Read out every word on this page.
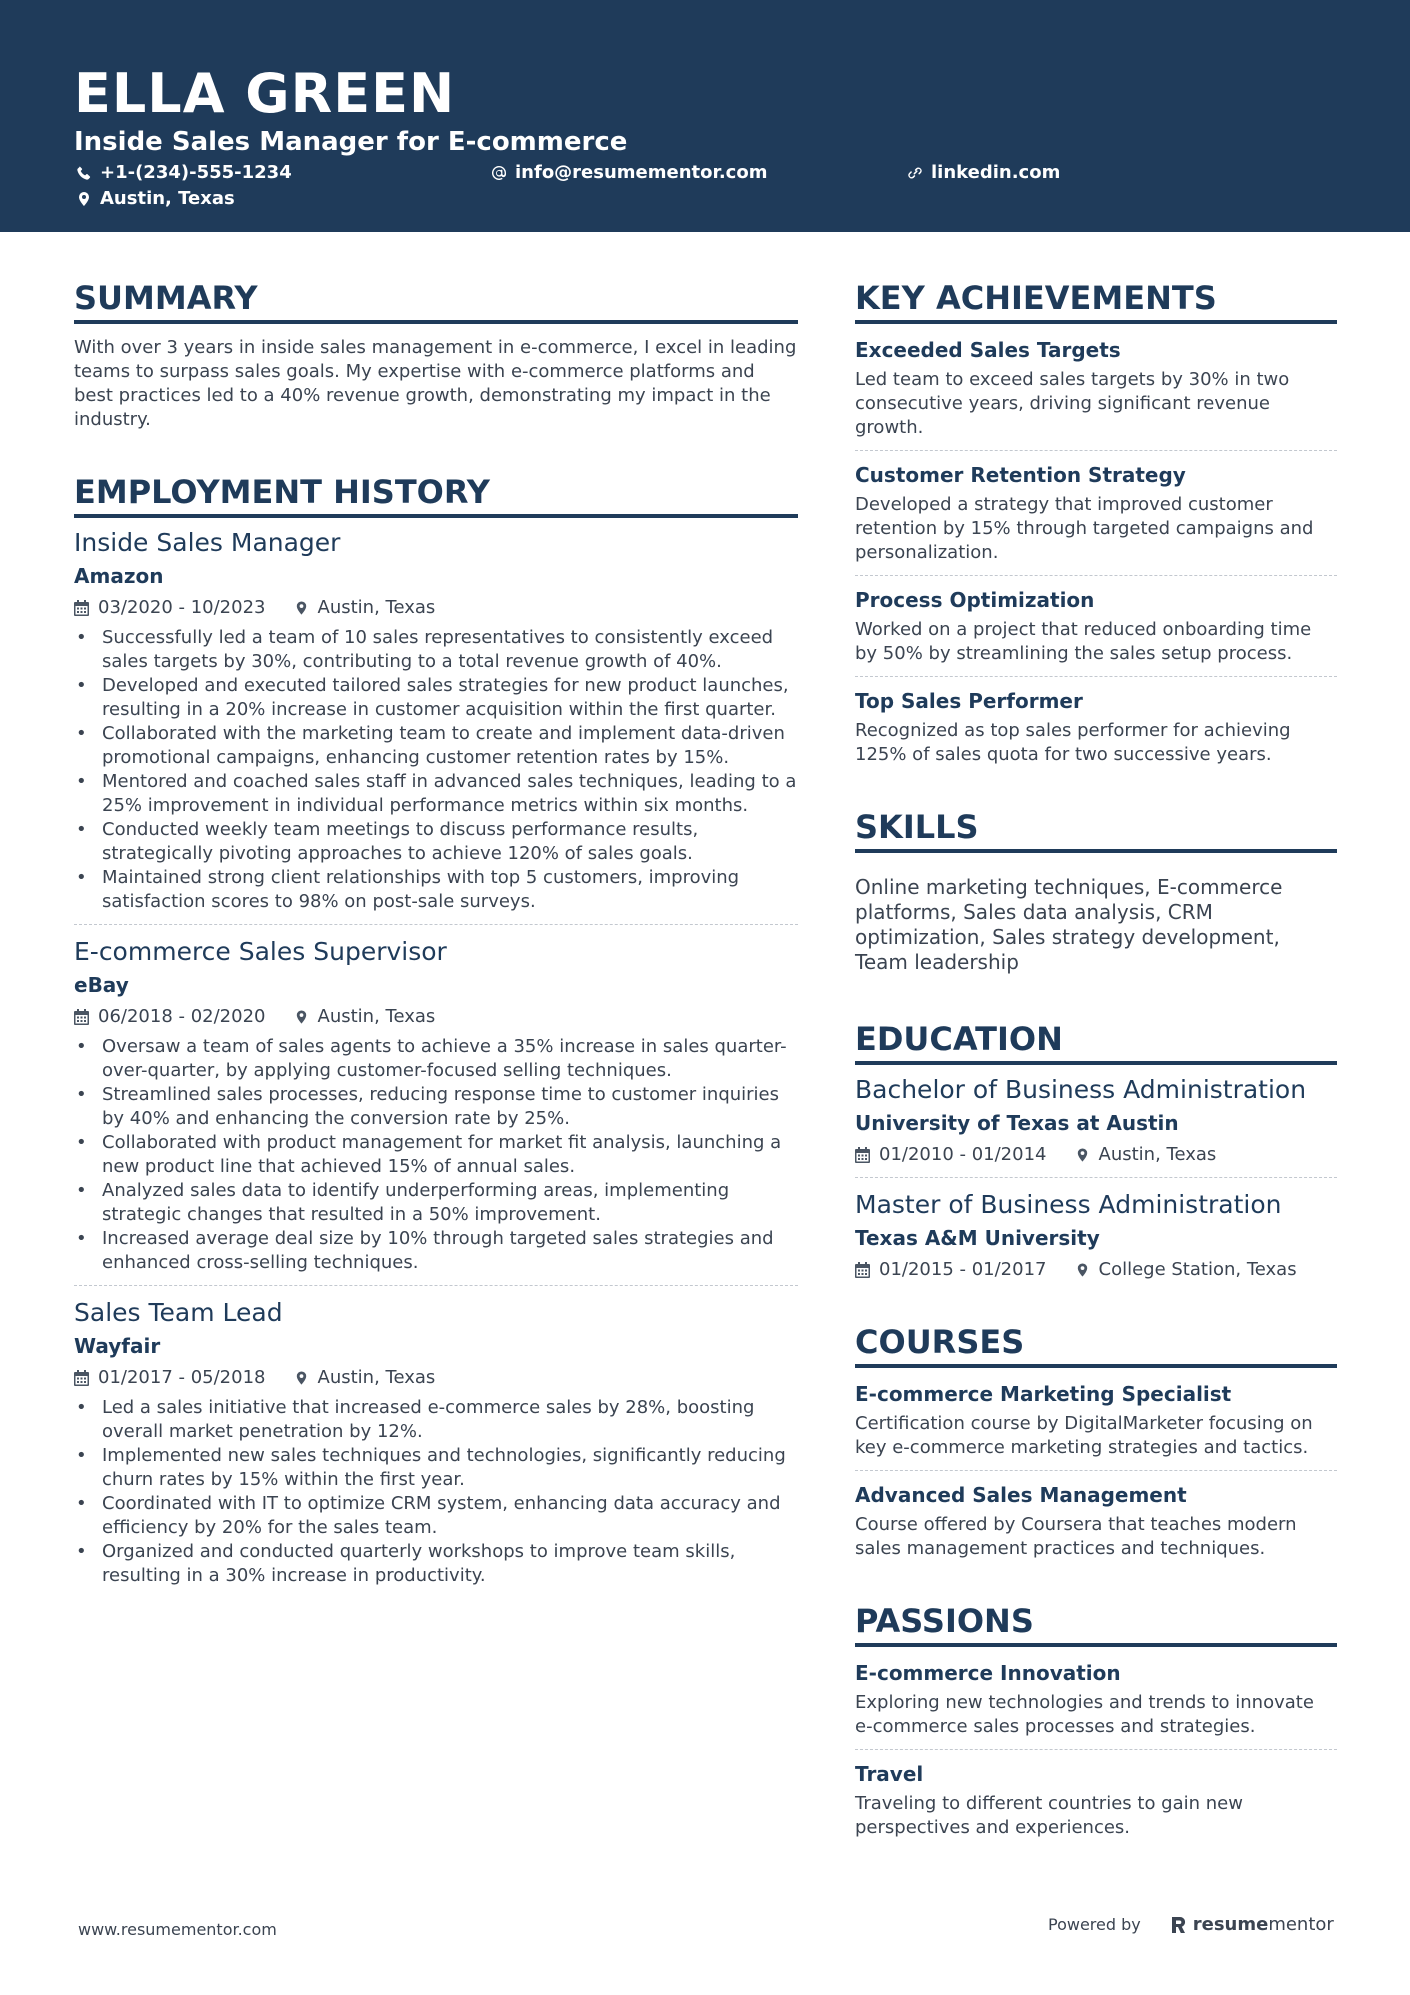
ELLA GREEN
Inside Sales Manager for E-commerce
+1-(234)-555-1234	info@resumementor.com	linkedin.com
Austin, Texas
SUMMARY
With over 3 years in inside sales management in e-commerce, I excel in leading teams to surpass sales goals. My expertise with e-commerce platforms and best practices led to a 40% revenue growth, demonstrating my impact in the industry.
EMPLOYMENT HISTORY
Inside Sales Manager
Amazon
03/2020 - 10/2023	Austin, Texas
• Successfully led a team of 10 sales representatives to consistently exceed sales targets by 30%, contributing to a total revenue growth of 40%.
• Developed and executed tailored sales strategies for new product launches, resulting in a 20% increase in customer acquisition within the first quarter.
• Collaborated with the marketing team to create and implement data-driven promotional campaigns, enhancing customer retention rates by 15%.
• Mentored and coached sales staff in advanced sales techniques, leading to a 25% improvement in individual performance metrics within six months.
• Conducted weekly team meetings to discuss performance results, strategically pivoting approaches to achieve 120% of sales goals.
• Maintained strong client relationships with top 5 customers, improving satisfaction scores to 98% on post-sale surveys.
E-commerce Sales Supervisor
eBay
06/2018 - 02/2020	Austin, Texas
• Oversaw a team of sales agents to achieve a 35% increase in sales quarter-over-quarter, by applying customer-focused selling techniques.
• Streamlined sales processes, reducing response time to customer inquiries by 40% and enhancing the conversion rate by 25%.
• Collaborated with product management for market fit analysis, launching a new product line that achieved 15% of annual sales.
• Analyzed sales data to identify underperforming areas, implementing strategic changes that resulted in a 50% improvement.
• Increased average deal size by 10% through targeted sales strategies and enhanced cross-selling techniques.
Sales Team Lead
Wayfair
01/2017 - 05/2018	Austin, Texas
• Led a sales initiative that increased e-commerce sales by 28%, boosting overall market penetration by 12%.
• Implemented new sales techniques and technologies, significantly reducing churn rates by 15% within the first year.
• Coordinated with IT to optimize CRM system, enhancing data accuracy and efficiency by 20% for the sales team.
• Organized and conducted quarterly workshops to improve team skills, resulting in a 30% increase in productivity.
KEY ACHIEVEMENTS
Exceeded Sales Targets
Led team to exceed sales targets by 30% in two consecutive years, driving significant revenue growth.
Customer Retention Strategy
Developed a strategy that improved customer retention by 15% through targeted campaigns and personalization.
Process Optimization
Worked on a project that reduced onboarding time by 50% by streamlining the sales setup process.
Top Sales Performer
Recognized as top sales performer for achieving 125% of sales quota for two successive years.
SKILLS
Online marketing techniques, E-commerce platforms, Sales data analysis, CRM optimization, Sales strategy development, Team leadership
EDUCATION
Bachelor of Business Administration
University of Texas at Austin
01/2010 - 01/2014	Austin, Texas
Master of Business Administration
Texas A&M University
01/2015 - 01/2017	College Station, Texas
COURSES
E-commerce Marketing Specialist
Certification course by DigitalMarketer focusing on key e-commerce marketing strategies and tactics.
Advanced Sales Management
Course offered by Coursera that teaches modern sales management practices and techniques.
PASSIONS
E-commerce Innovation
Exploring new technologies and trends to innovate e-commerce sales processes and strategies.
Travel
Traveling to different countries to gain new perspectives and experiences.
www.resumementor.com	Powered by	resume mentor
